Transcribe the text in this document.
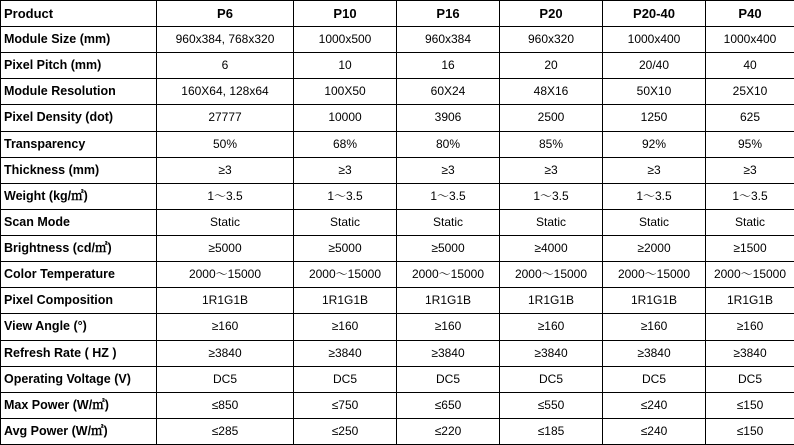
Product	P6	P10	P16	P20	P20-40	P40
Module Size (mm)	960x384, 768x320	1000x500	960x384	960x320	1000x400	1000x400
Pixel Pitch (mm)	6	10	16	20	20/40	40
Module Resolution	160X64, 128x64	100X50	60X24	48X16	50X10	25X10
Pixel Density (dot)	27777	10000	3906	2500	1250	625
Transparency	50%	68%	80%	85%	92%	95%
Thickness (mm)	≥3	≥3	≥3	≥3	≥3	≥3
Weight (kg/㎡)	1～3.5	1～3.5	1～3.5	1～3.5	1～3.5	1～3.5
Scan Mode	Static	Static	Static	Static	Static	Static
Brightness (cd/㎡)	≥5000	≥5000	≥5000	≥4000	≥2000	≥1500
Color Temperature	2000～15000	2000～15000	2000～15000	2000～15000	2000～15000	2000～15000
Pixel Composition	1R1G1B	1R1G1B	1R1G1B	1R1G1B	1R1G1B	1R1G1B
View Angle (°)	≥160	≥160	≥160	≥160	≥160	≥160
Refresh Rate ( HZ )	≥3840	≥3840	≥3840	≥3840	≥3840	≥3840
Operating Voltage (V)	DC5	DC5	DC5	DC5	DC5	DC5
Max Power (W/㎡)	≤850	≤750	≤650	≤550	≤240	≤150
Avg Power (W/㎡)	≤285	≤250	≤220	≤185	≤240	≤150
